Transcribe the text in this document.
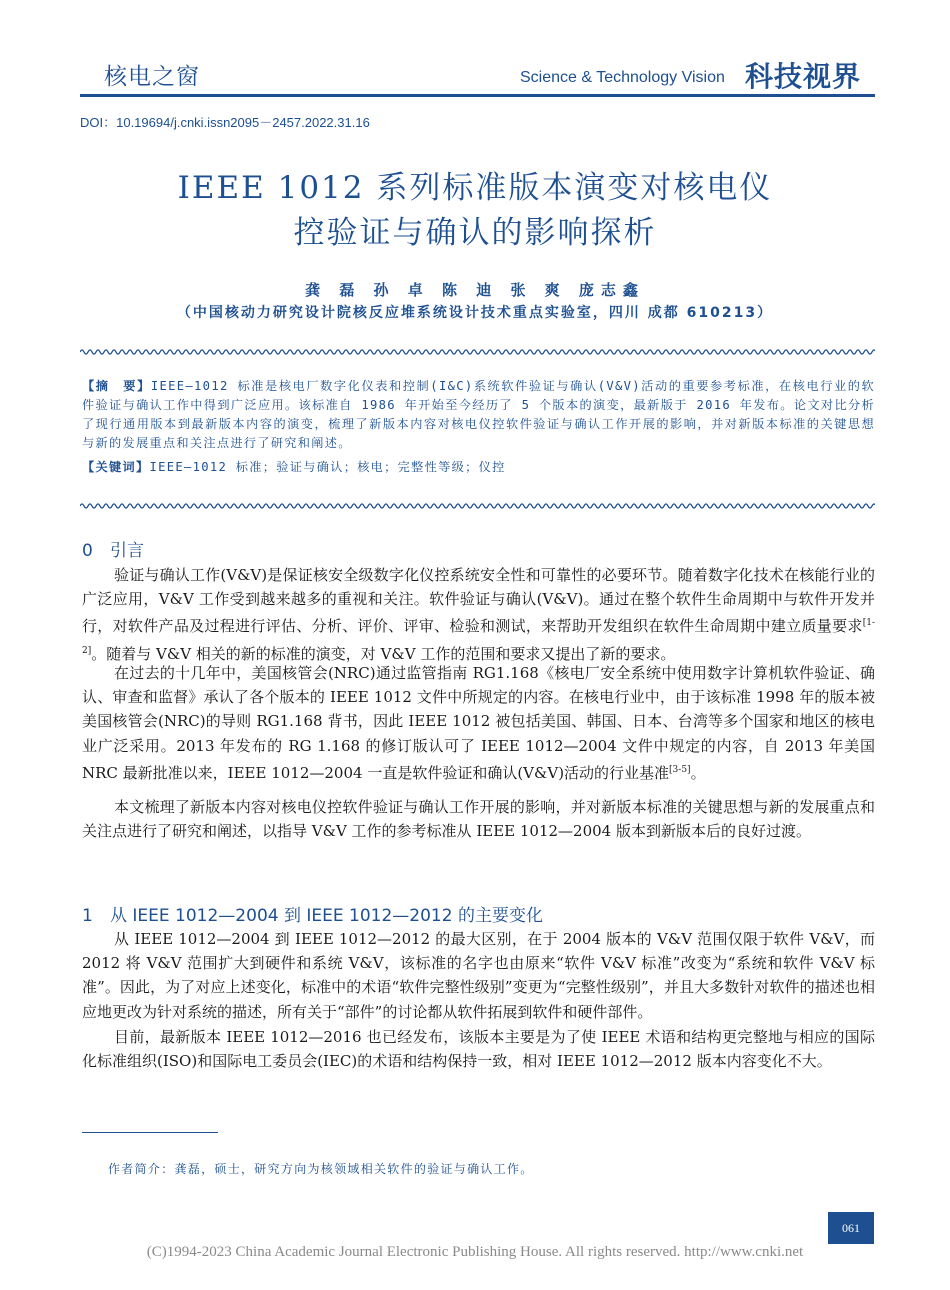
核电之窗	Science & Technology Vision 科技视界
DOI：10.19694/j.cnki.issn2095－2457.2022.31.16
IEEE 1012 系列标准版本演变对核电仪
控验证与确认的影响探析
龚 磊 孙 卓 陈 迪 张 爽 庞志鑫
（中国核动力研究设计院核反应堆系统设计技术重点实验室，四川 成都 610213）
【摘　要】IEEE—1012 标准是核电厂数字化仪表和控制(I&C)系统软件验证与确认(V&V)活动的重要参考标准，在核电行业的软件验证与确认工作中得到广泛应用。该标准自 1986 年开始至今经历了 5 个版本的演变，最新版于 2016 年发布。论文对比分析了现行通用版本到最新版本内容的演变，梳理了新版本内容对核电仪控软件验证与确认工作开展的影响，并对新版本标准的关键思想与新的发展重点和关注点进行了研究和阐述。
【关键词】IEEE—1012 标准；验证与确认；核电；完整性等级；仪控
0 引言
验证与确认工作(V&V)是保证核安全级数字化仪控系统安全性和可靠性的必要环节。随着数字化技术在核能行业的广泛应用，V&V 工作受到越来越多的重视和关注。软件验证与确认(V&V)。通过在整个软件生命周期中与软件开发并行，对软件产品及过程进行评估、分析、评价、评审、检验和测试，来帮助开发组织在软件生命周期中建立质量要求[1-2]。随着与 V&V 相关的新的标准的演变，对 V&V 工作的范围和要求又提出了新的要求。
在过去的十几年中，美国核管会(NRC)通过监管指南 RG1.168《核电厂安全系统中使用数字计算机软件验证、确认、审查和监督》承认了各个版本的 IEEE 1012 文件中所规定的内容。在核电行业中，由于该标准 1998 年的版本被美国核管会(NRC)的导则 RG1.168 背书，因此 IEEE 1012 被包括美国、韩国、日本、台湾等多个国家和地区的核电业广泛采用。2013 年发布的 RG 1.168 的修订版认可了 IEEE 1012—2004 文件中规定的内容，自 2013 年美国 NRC 最新批准以来，IEEE 1012—2004 一直是软件验证和确认(V&V)活动的行业基准[3-5]。
本文梳理了新版本内容对核电仪控软件验证与确认工作开展的影响，并对新版本标准的关键思想与新的发展重点和关注点进行了研究和阐述，以指导 V&V 工作的参考标准从 IEEE 1012—2004 版本到新版本后的良好过渡。
1 从 IEEE 1012—2004 到 IEEE 1012—2012 的主要变化
从 IEEE 1012—2004 到 IEEE 1012—2012 的最大区别，在于 2004 版本的 V&V 范围仅限于软件 V&V，而 2012 将 V&V 范围扩大到硬件和系统 V&V，该标准的名字也由原来“软件 V&V 标准”改变为“系统和软件 V&V 标准”。因此，为了对应上述变化，标准中的术语“软件完整性级别”变更为“完整性级别”，并且大多数针对软件的描述也相应地更改为针对系统的描述，所有关于“部件”的讨论都从软件拓展到软件和硬件部件。
目前，最新版本 IEEE 1012—2016 也已经发布，该版本主要是为了使 IEEE 术语和结构更完整地与相应的国际化标准组织(ISO)和国际电工委员会(IEC)的术语和结构保持一致，相对 IEEE 1012—2012 版本内容变化不大。
作者简介：龚磊，硕士，研究方向为核领域相关软件的验证与确认工作。
061
(C)1994-2023 China Academic Journal Electronic Publishing House. All rights reserved. http://www.cnki.net
